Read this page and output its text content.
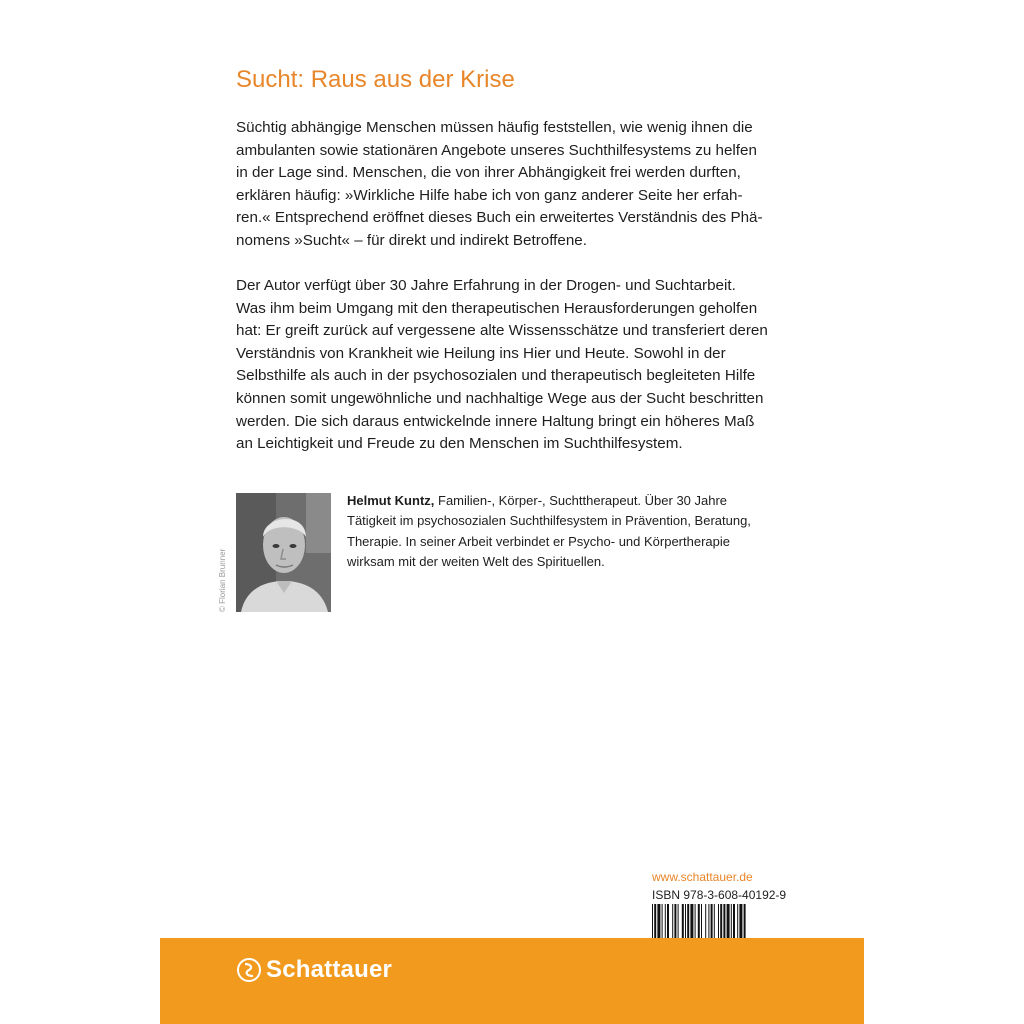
Sucht: Raus aus der Krise
Süchtig abhängige Menschen müssen häufig feststellen, wie wenig ihnen die
ambulanten sowie stationären Angebote unseres Suchthilfesystems zu helfen
in der Lage sind. Menschen, die von ihrer Abhängigkeit frei werden durften,
erklären häufig: »Wirkliche Hilfe habe ich von ganz anderer Seite her erfah-
ren.« Entsprechend eröffnet dieses Buch ein erweitertes Verständnis des Phä-
nomens »Sucht« – für direkt und indirekt Betroffene.
Der Autor verfügt über 30 Jahre Erfahrung in der Drogen- und Suchtarbeit.
Was ihm beim Umgang mit den therapeutischen Herausforderungen geholfen
hat: Er greift zurück auf vergessene alte Wissensschätze und transferiert deren
Verständnis von Krankheit wie Heilung ins Hier und Heute. Sowohl in der
Selbsthilfe als auch in der psychosozialen und therapeutisch begleiteten Hilfe
können somit ungewöhnliche und nachhaltige Wege aus der Sucht beschritten
werden. Die sich daraus entwickelnde innere Haltung bringt ein höheres Maß
an Leichtigkeit und Freude zu den Menschen im Suchthilfesystem.
© Florian Brunner
Helmut Kuntz, Familien-, Körper-, Suchttherapeut. Über 30 Jahre
Tätigkeit im psychosozialen Suchthilfesystem in Prävention, Beratung,
Therapie. In seiner Arbeit verbindet er Psycho- und Körpertherapie
wirksam mit der weiten Welt des Spirituellen.
www.schattauer.de
ISBN 978-3-608-40192-9
Schattauer
